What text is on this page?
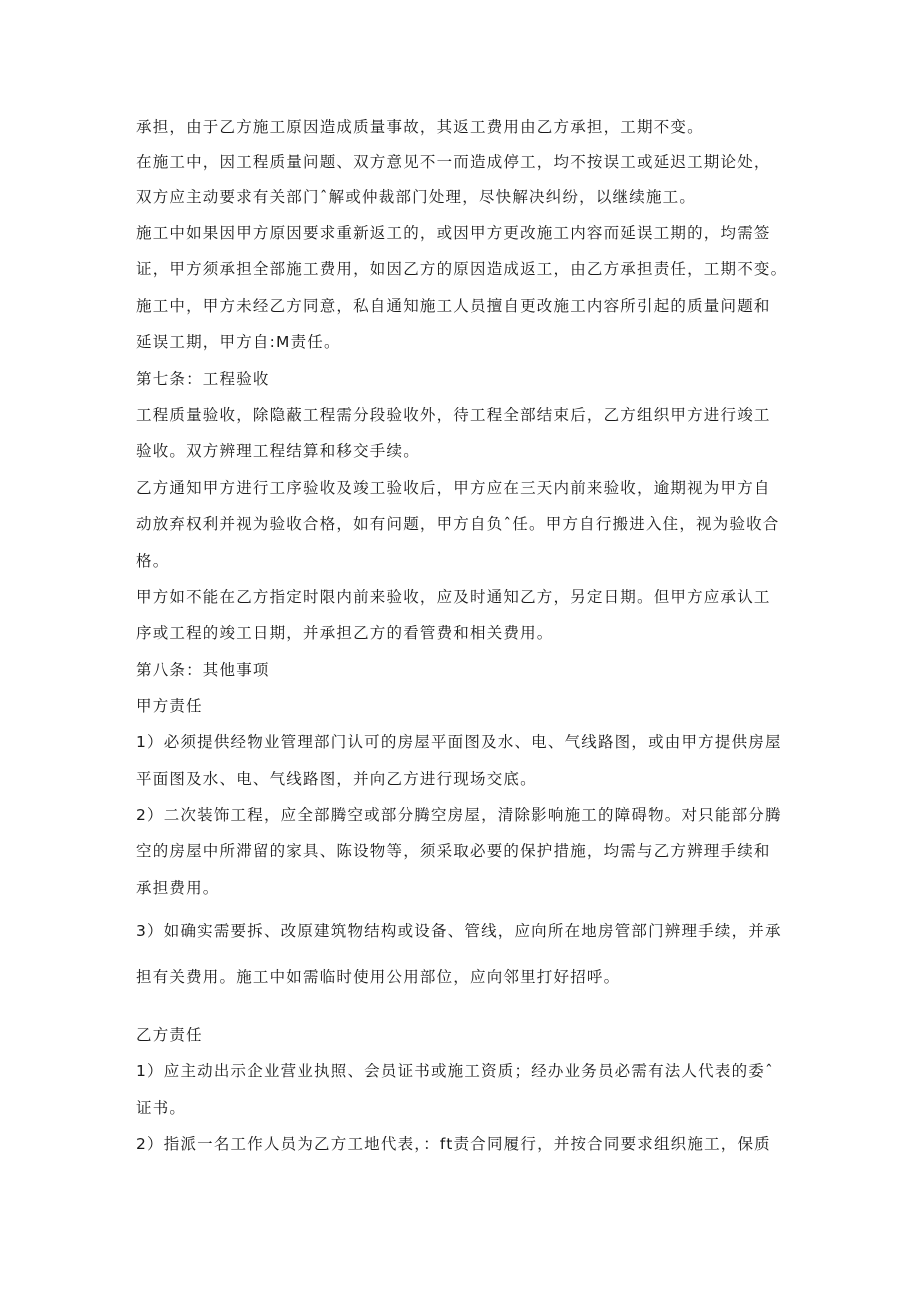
承担，由于乙方施工原因造成质量事故，其返工费用由乙方承担，工期不变。

在施工中，因工程质量问题、双方意见不一而造成停工，均不按误工或延迟工期论处，

双方应主动要求有关部门ˆ解或仲裁部门处理，尽快解决纠纷，以继续施工。

施工中如果因甲方原因要求重新返工的，或因甲方更改施工内容而延误工期的，均需签

证，甲方须承担全部施工费用，如因乙方的原因造成返工，由乙方承担责任，工期不变。

施工中，甲方未经乙方同意，私自通知施工人员擅自更改施工内容所引起的质量问题和

延误工期，甲方自:M责任。

第七条：工程验收

工程质量验收，除隐蔽工程需分段验收外，待工程全部结束后，乙方组织甲方进行竣工

验收。双方辨理工程结算和移交手续。

乙方通知甲方进行工序验收及竣工验收后，甲方应在三天内前来验收，逾期视为甲方自

动放弃权利并视为验收合格，如有问题，甲方自负ˆ任。甲方自行搬进入住，视为验收合

格。

甲方如不能在乙方指定时限内前来验收，应及时通知乙方，另定日期。但甲方应承认工

序或工程的竣工日期，并承担乙方的看管费和相关费用。

第八条：其他事项

甲方责任

1）必须提供经物业管理部门认可的房屋平面图及水、电、气线路图，或由甲方提供房屋

平面图及水、电、气线路图，并向乙方进行现场交底。

2）二次装饰工程，应全部腾空或部分腾空房屋，清除影响施工的障碍物。对只能部分腾

空的房屋中所滞留的家具、陈设物等，须采取必要的保护措施，均需与乙方辨理手续和

承担费用。

3）如确实需要拆、改原建筑物结构或设备、管线，应向所在地房管部门辨理手续，并承

担有关费用。施工中如需临时使用公用部位，应向邻里打好招呼。

乙方责任

1）应主动出示企业营业执照、会员证书或施工资质；经办业务员必需有法人代表的委ˆ

证书。

2）指派一名工作人员为乙方工地代表，：ft责合同履行，并按合同要求组织施工，保质
